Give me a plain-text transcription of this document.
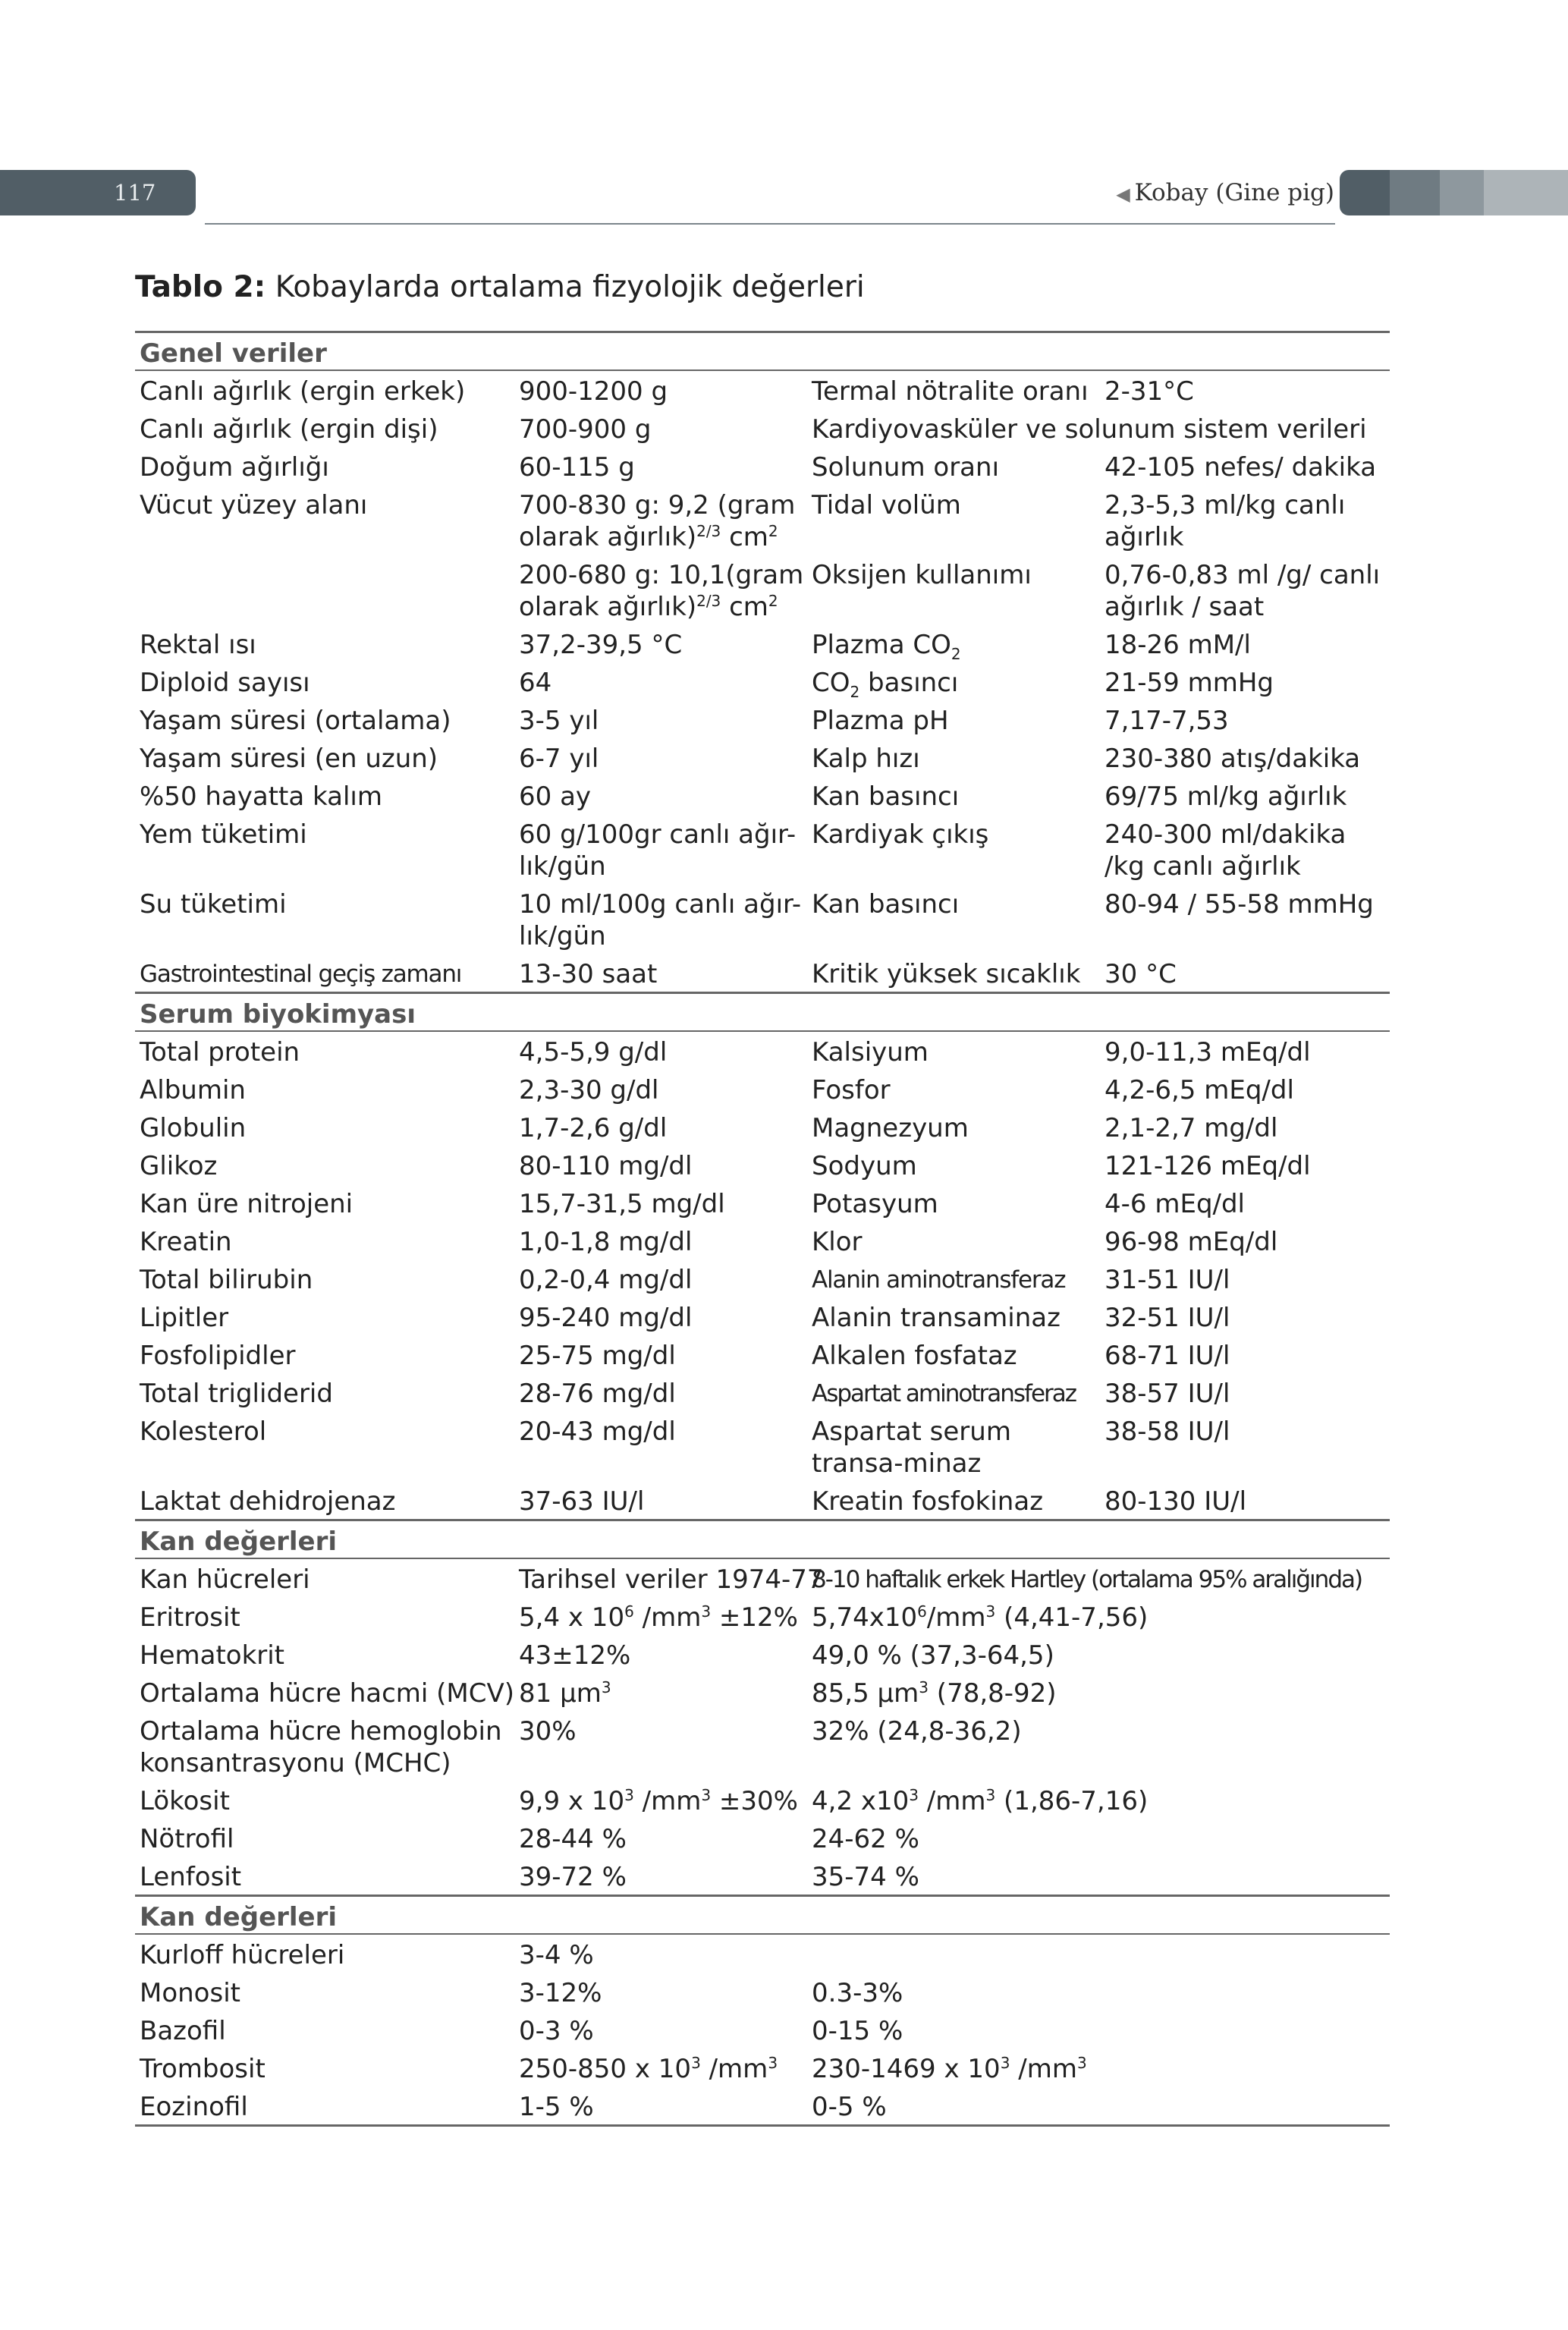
117	◀ Kobay (Gine pig)
Tablo 2: Kobaylarda ortalama fizyolojik değerleri
Genel veriler			
Canlı ağırlık (ergin erkek)	900-1200 g	Termal nötralite oranı	2-31°C
Canlı ağırlık (ergin dişi)	700-900 g	Kardiyovasküler ve solunum sistem verileri	
Doğum ağırlığı	60-115 g	Solunum oranı	42-105 nefes/ dakika
Vücut yüzey alanı	700-830 g: 9,2 (gram olarak ağırlık)$^{2/3}$ $cm^2$	Tidal volüm	2,3-5,3 ml/kg canlı ağırlık
	200-680 g: 10,1(gram olarak ağırlık)$^{2/3}$ $cm^2$	Oksijen kullanımı	0,76-0,83 ml /g/ canlı ağırlık / saat
Rektal ısı	37,2-39,5 °C	Plazma $CO_2$	18-26 mM/l
Diploid sayısı	64	$CO_2$ basıncı	21-59 mmHg
Yaşam süresi (ortalama)	3-5 yıl	Plazma pH	7,17-7,53
Yaşam süresi (en uzun)	6-7 yıl	Kalp hızı	230-380 atış/dakika
%50 hayatta kalım	60 ay	Kan basıncı	69/75 ml/kg ağırlık
Yem tüketimi	60 g/100gr canlı ağır-lık/gün	Kardiyak çıkış	240-300 ml/dakika /kg canlı ağırlık
Su tüketimi	10 ml/100g canlı ağır-lık/gün	Kan basıncı	80-94 / 55-58 mmHg
Gastrointestinal geçiş zamanı	13-30 saat	Kritik yüksek sıcaklık	30 °C
Serum biyokimyası			
Total protein	4,5-5,9 g/dl	Kalsiyum	9,0-11,3 mEq/dl
Albumin	2,3-30 g/dl	Fosfor	4,2-6,5 mEq/dl
Globulin	1,7-2,6 g/dl	Magnezyum	2,1-2,7 mg/dl
Glikoz	80-110 mg/dl	Sodyum	121-126 mEq/dl
Kan üre nitrojeni	15,7-31,5 mg/dl	Potasyum	4-6 mEq/dl
Kreatin	1,0-1,8 mg/dl	Klor	96-98 mEq/dl
Total bilirubin	0,2-0,4 mg/dl	Alanin aminotransferaz	31-51 IU/l
Lipitler	95-240 mg/dl	Alanin transaminaz	32-51 IU/l
Fosfolipidler	25-75 mg/dl	Alkalen fosfataz	68-71 IU/l
Total trigliderid	28-76 mg/dl	Aspartat aminotransferaz	38-57 IU/l
Kolesterol	20-43 mg/dl	Aspartat serum transa-minaz	38-58 IU/l
Laktat dehidrojenaz	37-63 IU/l	Kreatin fosfokinaz	80-130 IU/l
Kan değerleri			
Kan hücreleri	Tarihsel veriler 1974-77	8-10 haftalık erkek Hartley (ortalama 95% aralığında)	
Eritrosit	5,4 x $10^6$ $/mm^3 \pm 12\%$	$5,74x10^6/mm^3$ (4,41-7,56)	
Hematokrit	43±12%	49,0 % (37,3-64,5)	
Ortalama hücre hacmi (MCV)	81 µm$^3$	85,5 µm$^3$ (78,8-92)	
Ortalama hücre hemoglobin konsantrasyonu (MCHC)	30%	32% (24,8-36,2)	
Lökosit	9,9 x $10^3$ $/mm^3 \pm 30\%$	4,2 $x10^3$ $/mm^3$ (1,86-7,16)	
Nötrofil	28-44 %	24-62 %	
Lenfosit	39-72 %	35-74 %	
Kan değerleri			
Kurloff hücreleri	3-4 %		
Monosit	3-12%	0.3-3%	
Bazofil	0-3 %	0-15 %	
Trombosit	250-850 x $10^3$ $/mm^3$	230-1469 x $10^3$ $/mm^3$
Eozinofil	1-5 %	0-5 %	
